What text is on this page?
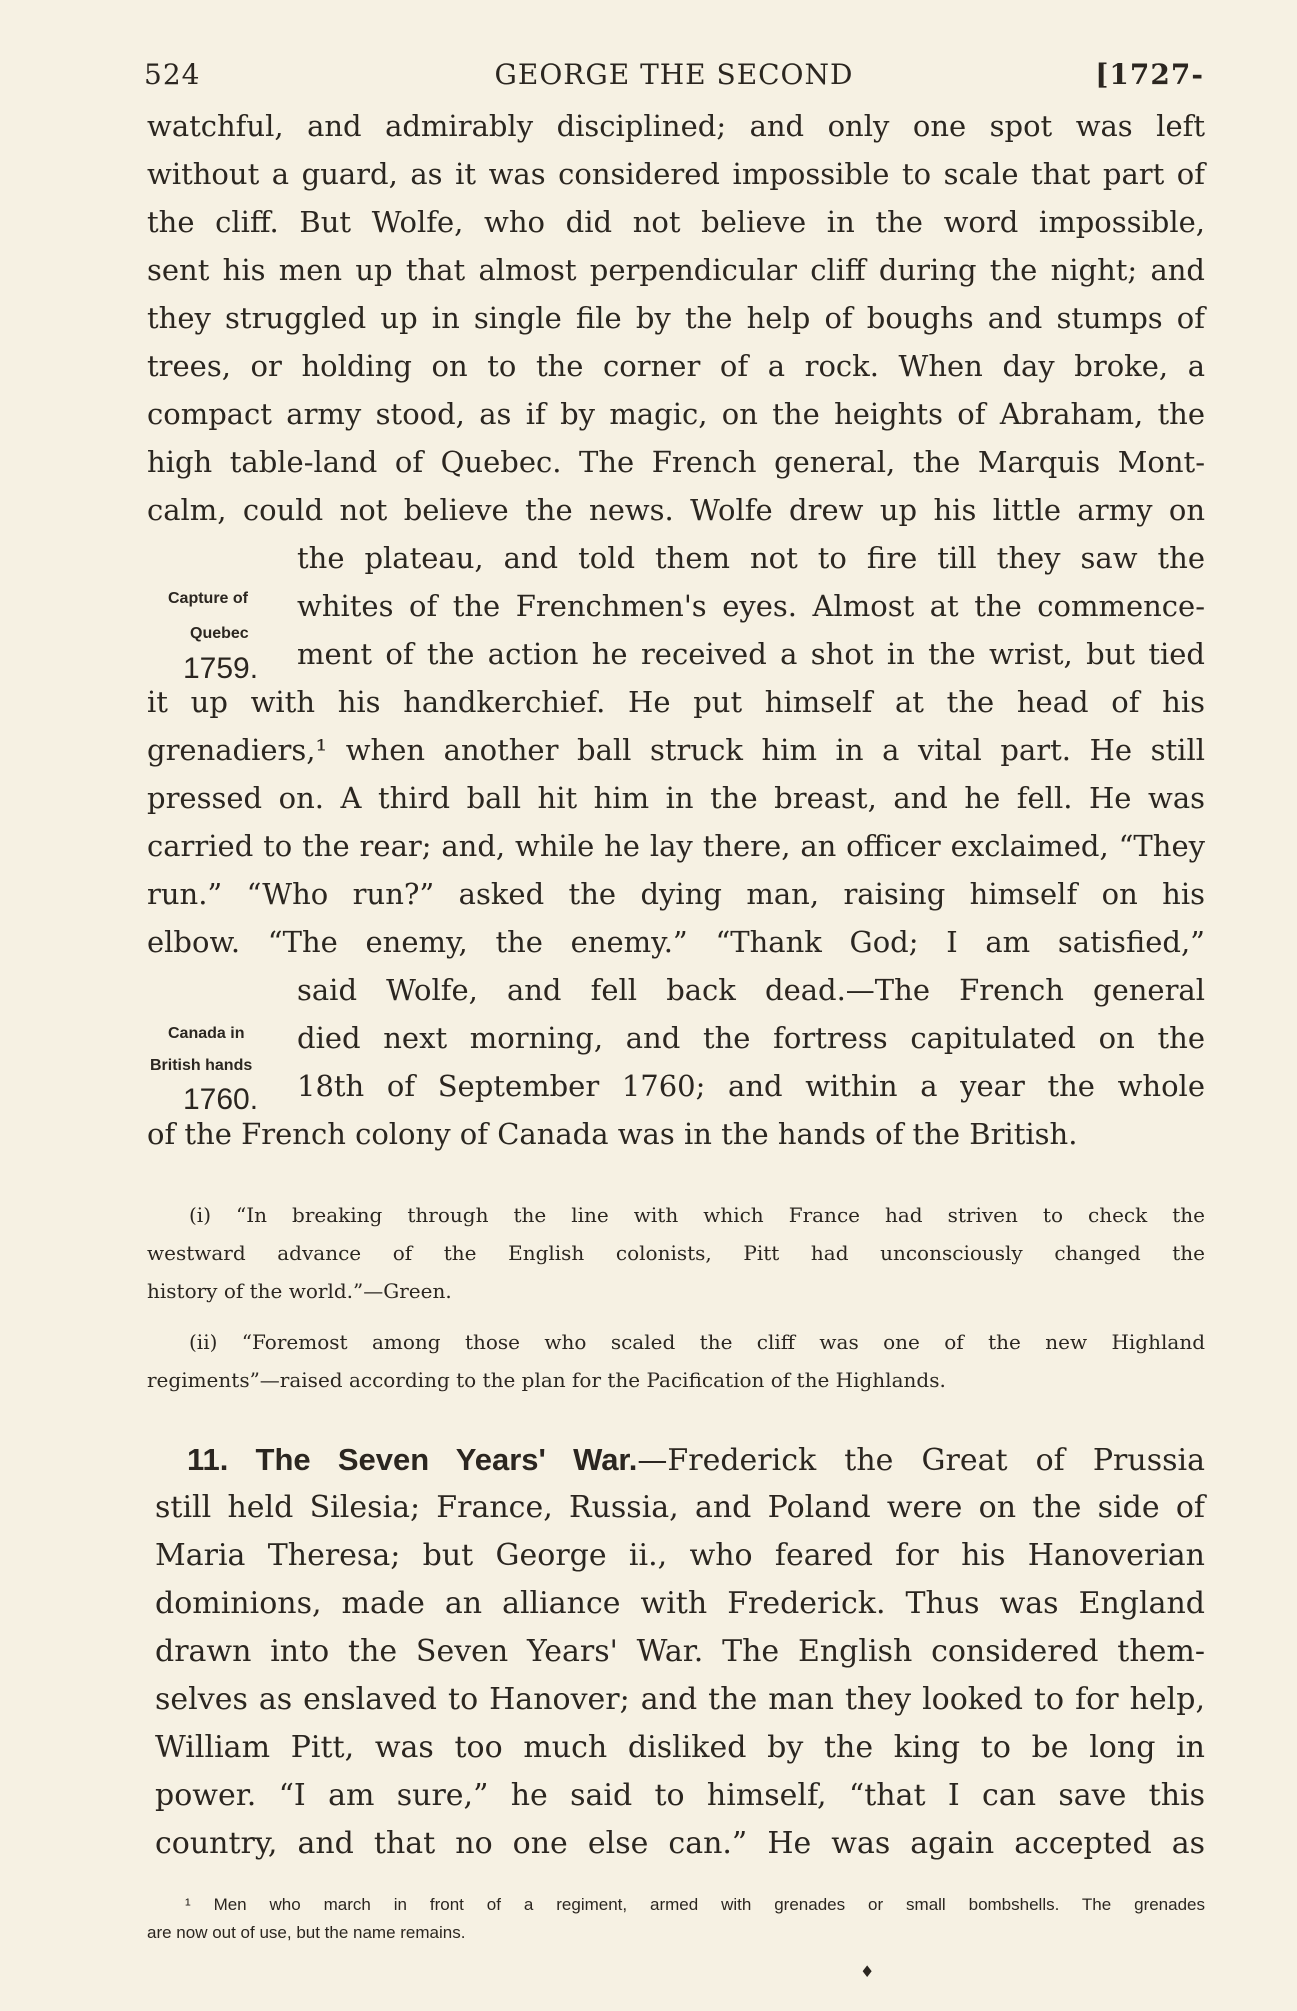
524	GEORGE THE SECOND	[1727-
watchful, and admirably disciplined; and only one spot was left
without a guard, as it was considered impossible to scale that part of
the cliff. But Wolfe, who did not believe in the word impossible,
sent his men up that almost perpendicular cliff during the night; and
they struggled up in single file by the help of boughs and stumps of
trees, or holding on to the corner of a rock. When day broke, a
compact army stood, as if by magic, on the heights of Abraham, the
high table-land of Quebec. The French general, the Marquis Mont-
calm, could not believe the news. Wolfe drew up his little army on
the plateau, and told them not to fire till they saw the
whites of the Frenchmen's eyes. Almost at the commence-
ment of the action he received a shot in the wrist, but tied
it up with his handkerchief. He put himself at the head of his
grenadiers,¹ when another ball struck him in a vital part. He still
pressed on. A third ball hit him in the breast, and he fell. He was
carried to the rear; and, while he lay there, an officer exclaimed, “They
run.” “Who run?” asked the dying man, raising himself on his
elbow. “The enemy, the enemy.” “Thank God; I am satisfied,”
said Wolfe, and fell back dead.—The French general
died next morning, and the fortress capitulated on the
18th of September 1760; and within a year the whole
of the French colony of Canada was in the hands of the British.
Capture of
Quebec
1759.
Canada in
British hands
1760.
(i) “In breaking through the line with which France had striven to check the
westward advance of the English colonists, Pitt had unconsciously changed the
history of the world.”—Green.
(ii) “Foremost among those who scaled the cliff was one of the new Highland
regiments”—raised according to the plan for the Pacification of the Highlands.
11. The Seven Years' War.—Frederick the Great of Prussia
still held Silesia; France, Russia, and Poland were on the side of
Maria Theresa; but George ii., who feared for his Hanoverian
dominions, made an alliance with Frederick. Thus was England
drawn into the Seven Years' War. The English considered them-
selves as enslaved to Hanover; and the man they looked to for help,
William Pitt, was too much disliked by the king to be long in
power. “I am sure,” he said to himself, “that I can save this
country, and that no one else can.” He was again accepted as
¹ Men who march in front of a regiment, armed with grenades or small bombshells. The grenades
are now out of use, but the name remains.
♦
